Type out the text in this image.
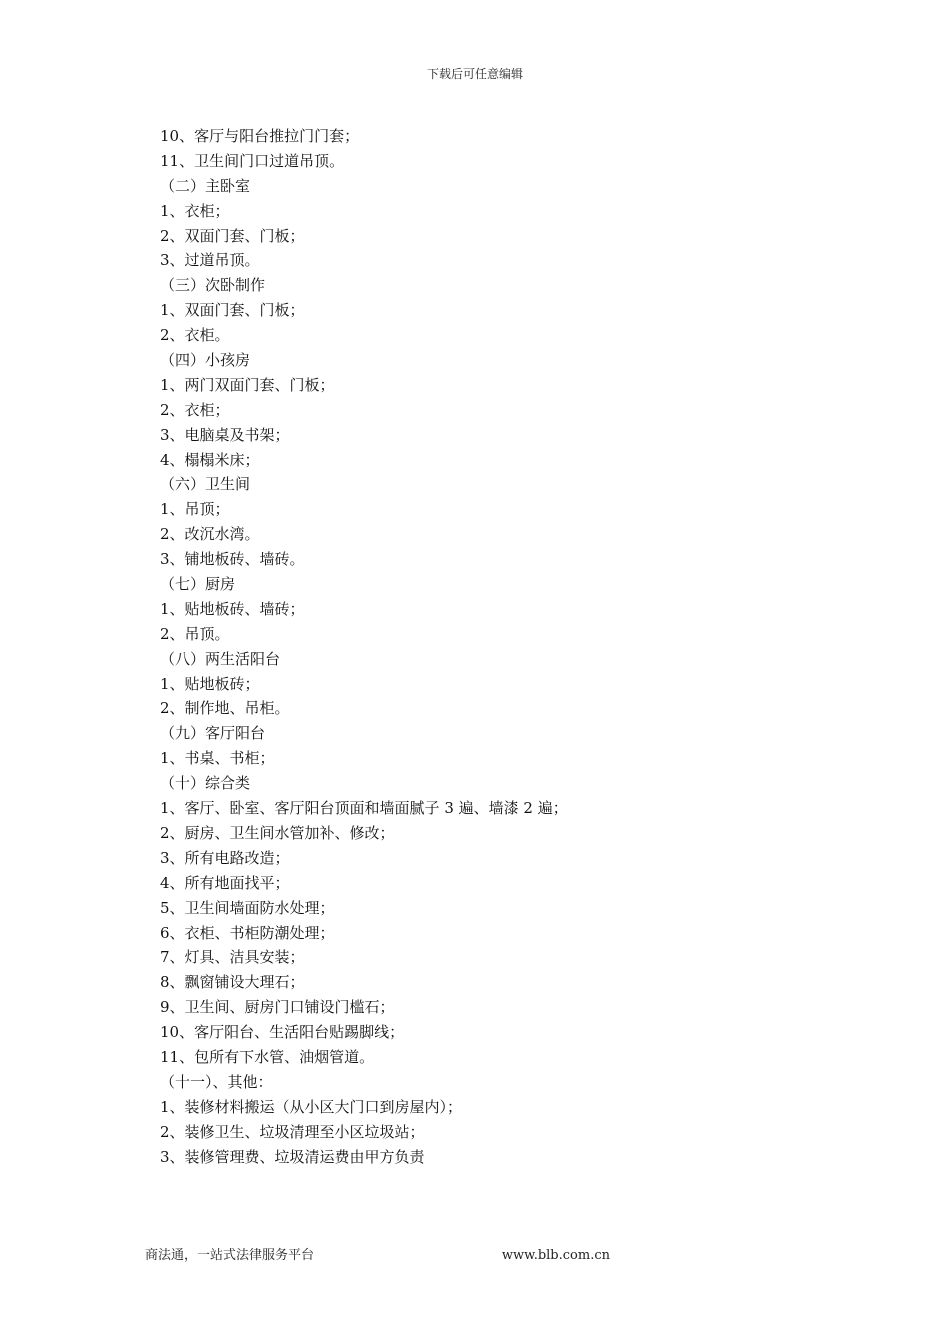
下载后可任意编辑
10、客厅与阳台推拉门门套；
11、卫生间门口过道吊顶。
（二）主卧室
1、衣柜；
2、双面门套、门板；
3、过道吊顶。
（三）次卧制作
1、双面门套、门板；
2、衣柜。
（四）小孩房
1、两门双面门套、门板；
2、衣柜；
3、电脑桌及书架；
4、榻榻米床；
（六）卫生间
1、吊顶；
2、改沉水湾。
3、铺地板砖、墙砖。
（七）厨房
1、贴地板砖、墙砖；
2、吊顶。
（八）两生活阳台
1、贴地板砖；
2、制作地、吊柜。
（九）客厅阳台
1、书桌、书柜；
（十）综合类
1、客厅、卧室、客厅阳台顶面和墙面腻子 3 遍、墙漆 2 遍；
2、厨房、卫生间水管加补、修改；
3、所有电路改造；
4、所有地面找平；
5、卫生间墙面防水处理；
6、衣柜、书柜防潮处理；
7、灯具、洁具安装；
8、飘窗铺设大理石；
9、卫生间、厨房门口铺设门槛石；
10、客厅阳台、生活阳台贴踢脚线；
11、包所有下水管、油烟管道。
（十一）、其他：
1、装修材料搬运（从小区大门口到房屋内）；
2、装修卫生、垃圾清理至小区垃圾站；
3、装修管理费、垃圾清运费由甲方负责
商法通，一站式法律服务平台	www.blb.com.cn
